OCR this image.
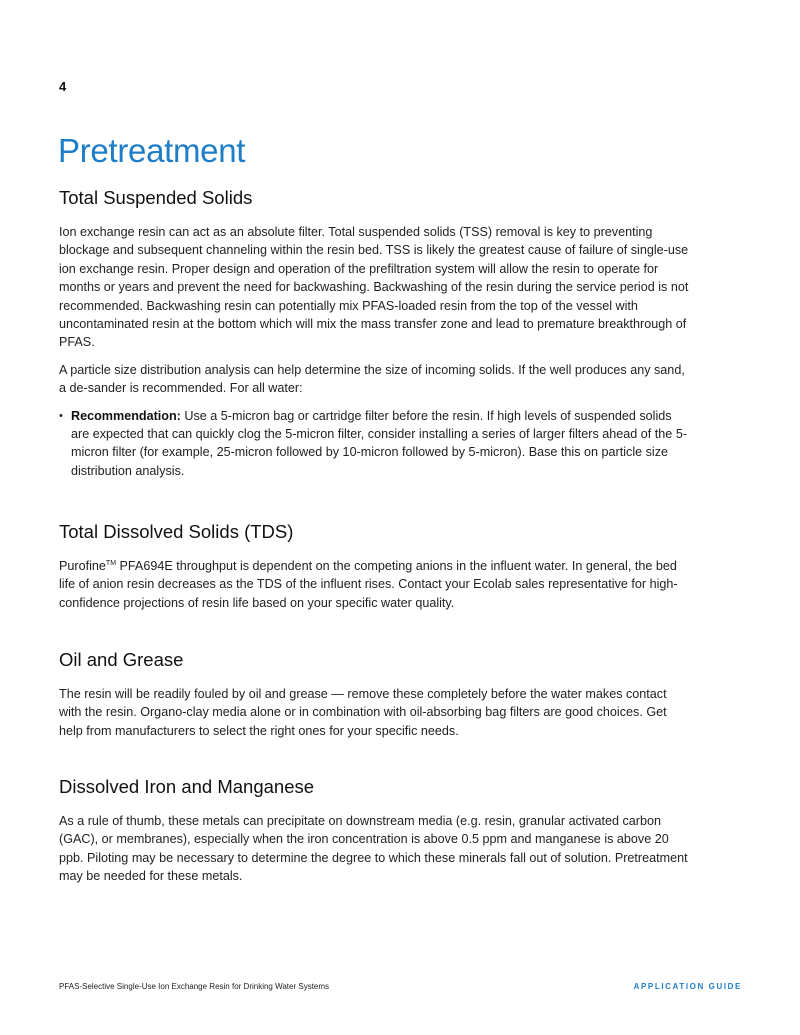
4
Pretreatment
Total Suspended Solids

Ion exchange resin can act as an absolute filter. Total suspended solids (TSS) removal is key to preventing blockage and subsequent channeling within the resin bed. TSS is likely the greatest cause of failure of single-use ion exchange resin. Proper design and operation of the prefiltration system will allow the resin to operate for months or years and prevent the need for backwashing. Backwashing of the resin during the service period is not recommended. Backwashing resin can potentially mix PFAS-loaded resin from the top of the vessel with uncontaminated resin at the bottom which will mix the mass transfer zone and lead to premature breakthrough of PFAS.

A particle size distribution analysis can help determine the size of incoming solids. If the well produces any sand, a de-sander is recommended. For all water:

• Recommendation: Use a 5-micron bag or cartridge filter before the resin. If high levels of suspended solids are expected that can quickly clog the 5-micron filter, consider installing a series of larger filters ahead of the 5-micron filter (for example, 25-micron followed by 10-micron followed by 5-micron). Base this on particle size distribution analysis.
Total Dissolved Solids (TDS)

Purofine™ PFA694E throughput is dependent on the competing anions in the influent water. In general, the bed life of anion resin decreases as the TDS of the influent rises. Contact your Ecolab sales representative for high-confidence projections of resin life based on your specific water quality.

Oil and Grease

The resin will be readily fouled by oil and grease — remove these completely before the water makes contact with the resin. Organo-clay media alone or in combination with oil-absorbing bag filters are good choices. Get help from manufacturers to select the right ones for your specific needs.

Dissolved Iron and Manganese

As a rule of thumb, these metals can precipitate on downstream media (e.g. resin, granular activated carbon (GAC), or membranes), especially when the iron concentration is above 0.5 ppm and manganese is above 20 ppb. Piloting may be necessary to determine the degree to which these minerals fall out of solution. Pretreatment may be needed for these metals.

PFAS-Selective Single-Use Ion Exchange Resin for Drinking Water Systems	APPLICATION GUIDE
